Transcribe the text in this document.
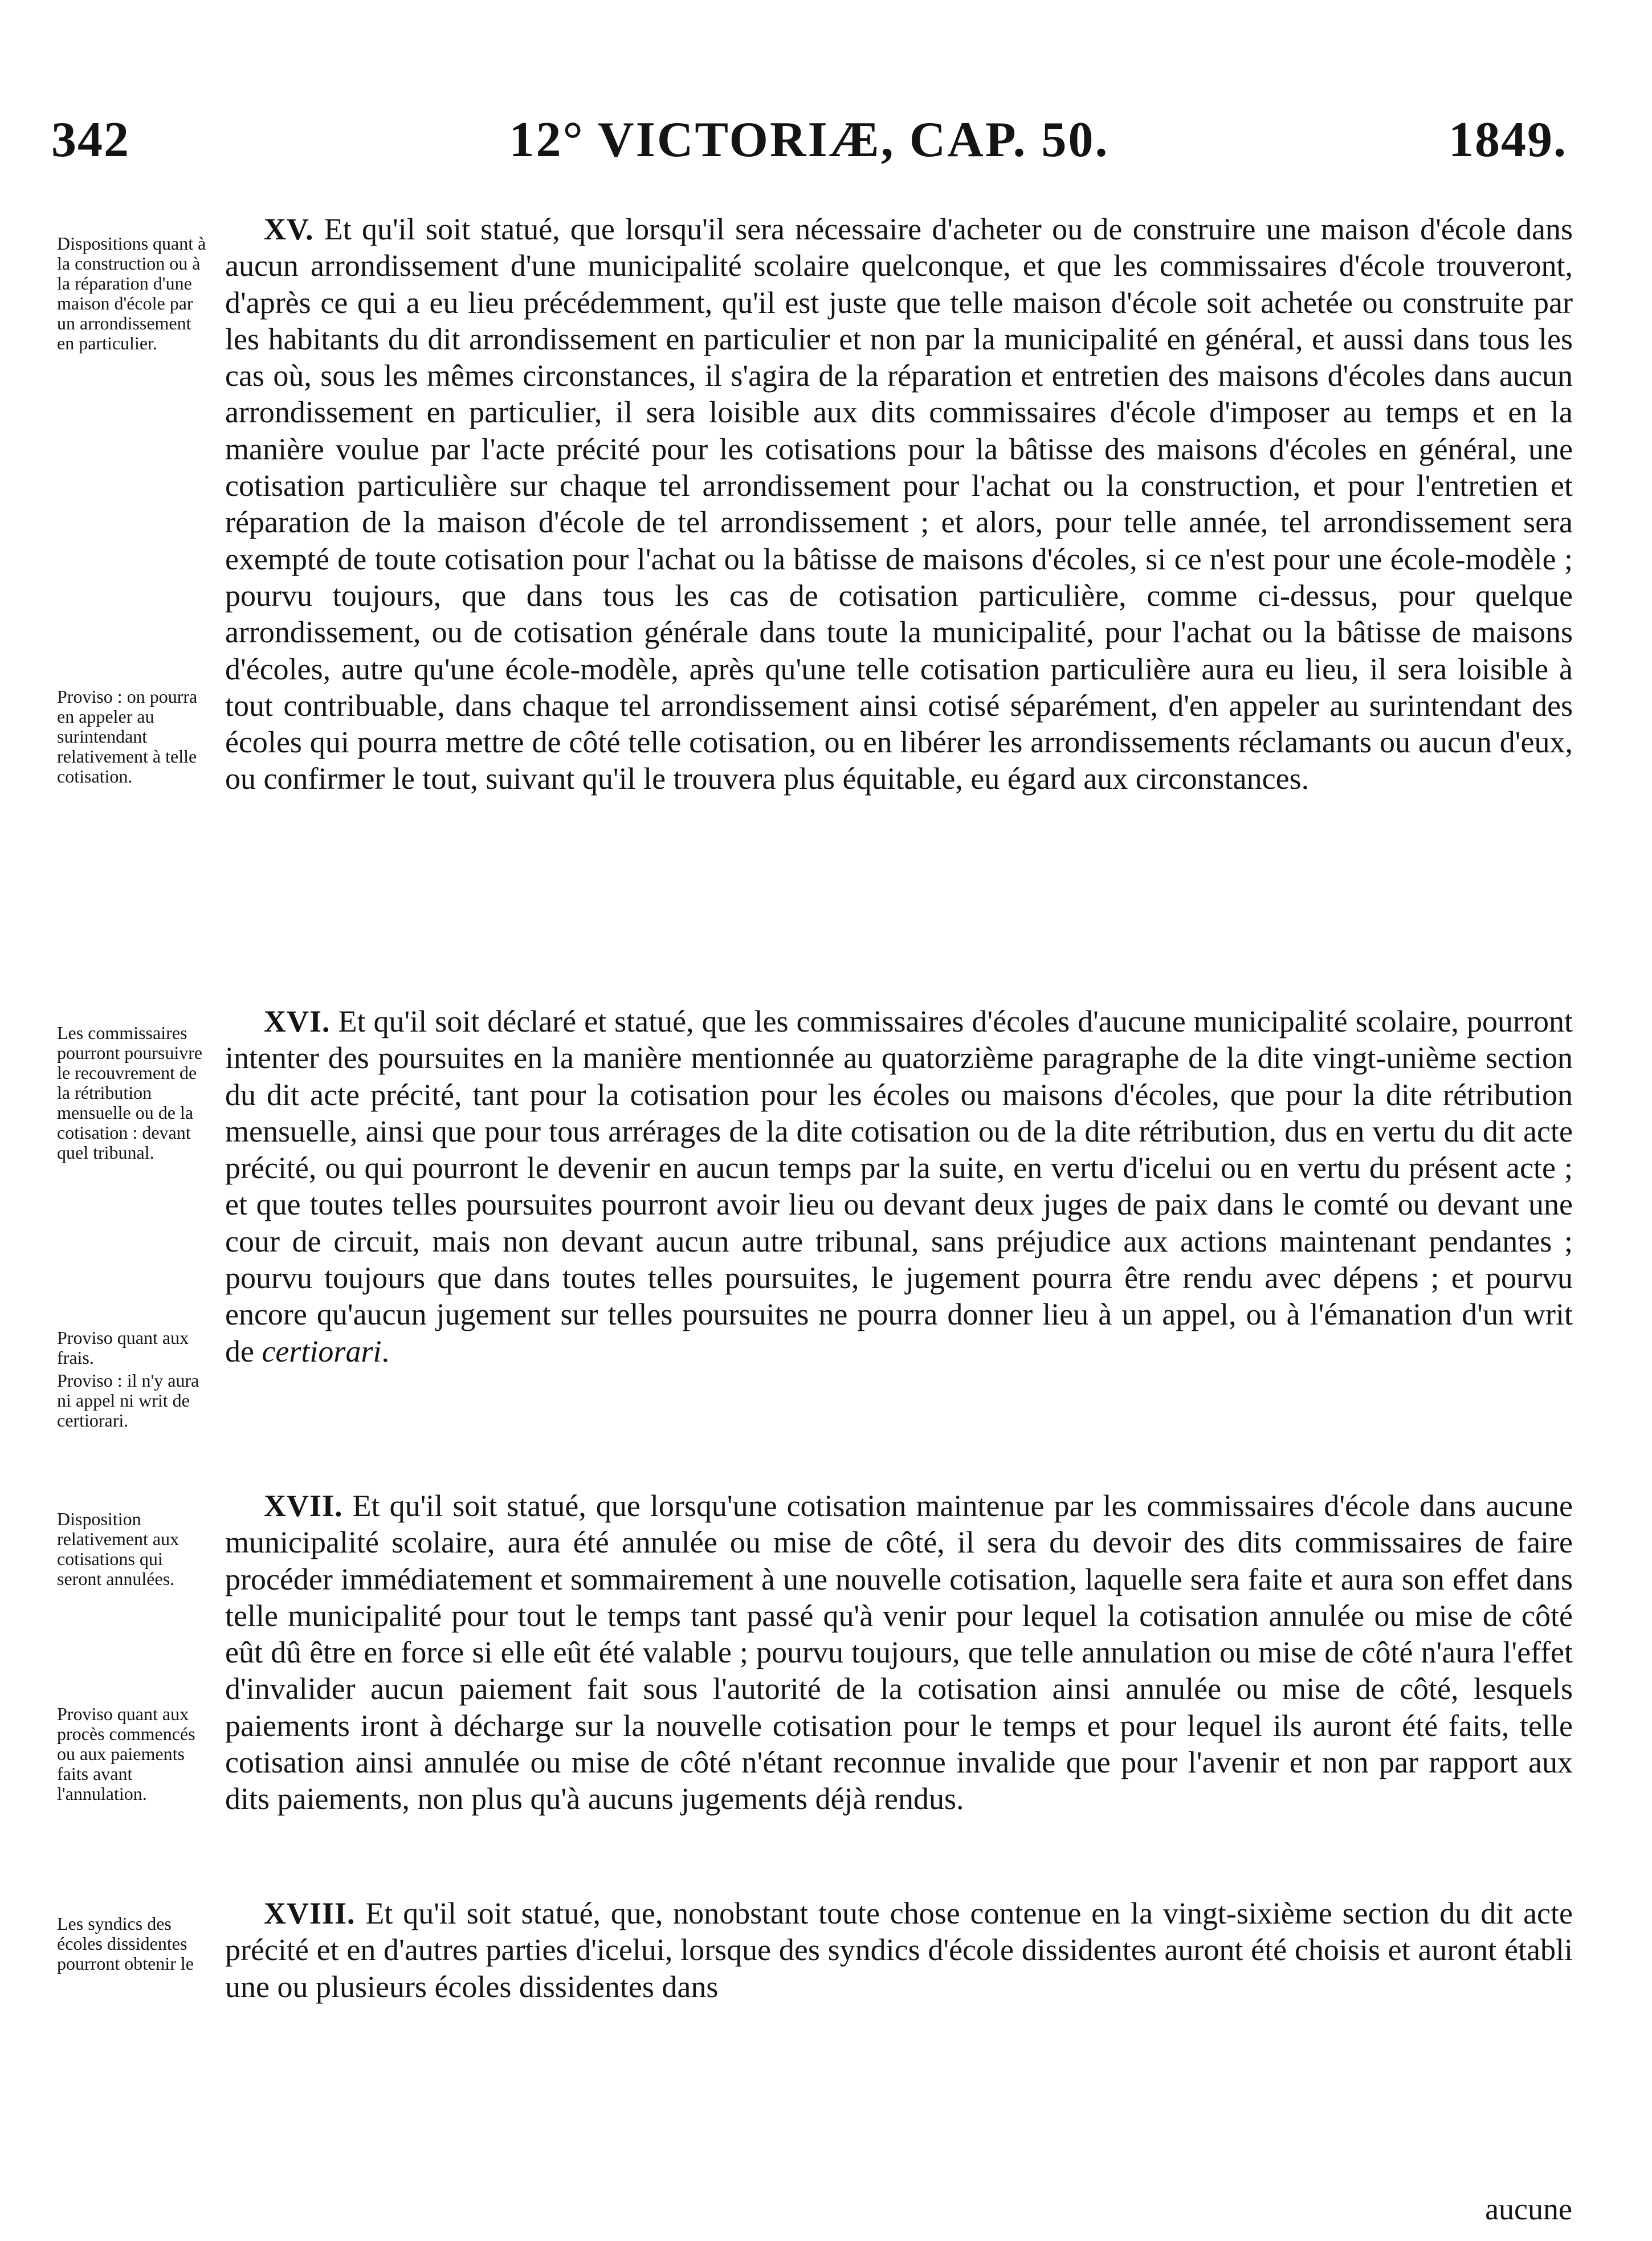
342	12° VICTORIÆ, CAP. 50.	1849.
Dispositions quant à la construction ou à la réparation d'une maison d'école par un arrondissement en particulier.
Proviso : on pourra en appeler au surintendant relativement à telle cotisation.
Les commissaires pourront poursuivre le recouvrement de la rétribution mensuelle ou de la cotisation : devant quel tribunal.
Proviso quant aux frais.
Proviso : il n'y aura ni appel ni writ de certiorari.
Disposition relativement aux cotisations qui seront annulées.
Proviso quant aux procès commencés ou aux paiements faits avant l'annulation.
Les syndics des écoles dissidentes pourront obtenir le
XV. Et qu'il soit statué, que lorsqu'il sera nécessaire d'acheter ou de construire une maison d'école dans aucun arrondissement d'une municipalité scolaire quelconque, et que les commissaires d'école trouveront, d'après ce qui a eu lieu précédemment, qu'il est juste que telle maison d'école soit achetée ou construite par les habitants du dit arrondissement en particulier et non par la municipalité en général, et aussi dans tous les cas où, sous les mêmes circonstances, il s'agira de la réparation et entretien des maisons d'écoles dans aucun arrondissement en particulier, il sera loisible aux dits commissaires d'école d'imposer au temps et en la manière voulue par l'acte précité pour les cotisations pour la bâtisse des maisons d'écoles en général, une cotisation particulière sur chaque tel arrondissement pour l'achat ou la construction, et pour l'entretien et réparation de la maison d'école de tel arrondissement ; et alors, pour telle année, tel arrondissement sera exempté de toute cotisation pour l'achat ou la bâtisse de maisons d'écoles, si ce n'est pour une école-modèle ; pourvu toujours, que dans tous les cas de cotisation particulière, comme ci-dessus, pour quelque arrondissement, ou de cotisation générale dans toute la municipalité, pour l'achat ou la bâtisse de maisons d'écoles, autre qu'une école-modèle, après qu'une telle cotisation particulière aura eu lieu, il sera loisible à tout contribuable, dans chaque tel arrondissement ainsi cotisé séparément, d'en appeler au surintendant des écoles qui pourra mettre de côté telle cotisation, ou en libérer les arrondissements réclamants ou aucun d'eux, ou confirmer le tout, suivant qu'il le trouvera plus équitable, eu égard aux circonstances.
XVI. Et qu'il soit déclaré et statué, que les commissaires d'écoles d'aucune municipalité scolaire, pourront intenter des poursuites en la manière mentionnée au quatorzième paragraphe de la dite vingt-unième section du dit acte précité, tant pour la cotisation pour les écoles ou maisons d'écoles, que pour la dite rétribution mensuelle, ainsi que pour tous arrérages de la dite cotisation ou de la dite rétribution, dus en vertu du dit acte précité, ou qui pourront le devenir en aucun temps par la suite, en vertu d'icelui ou en vertu du présent acte ; et que toutes telles poursuites pourront avoir lieu ou devant deux juges de paix dans le comté ou devant une cour de circuit, mais non devant aucun autre tribunal, sans préjudice aux actions maintenant pendantes ; pourvu toujours que dans toutes telles poursuites, le jugement pourra être rendu avec dépens ; et pourvu encore qu'aucun jugement sur telles poursuites ne pourra donner lieu à un appel, ou à l'émanation d'un writ de certiorari.
XVII. Et qu'il soit statué, que lorsqu'une cotisation maintenue par les commissaires d'école dans aucune municipalité scolaire, aura été annulée ou mise de côté, il sera du devoir des dits commissaires de faire procéder immédiatement et sommairement à une nouvelle cotisation, laquelle sera faite et aura son effet dans telle municipalité pour tout le temps tant passé qu'à venir pour lequel la cotisation annulée ou mise de côté eût dû être en force si elle eût été valable ; pourvu toujours, que telle annulation ou mise de côté n'aura l'effet d'invalider aucun paiement fait sous l'autorité de la cotisation ainsi annulée ou mise de côté, lesquels paiements iront à décharge sur la nouvelle cotisation pour le temps et pour lequel ils auront été faits, telle cotisation ainsi annulée ou mise de côté n'étant reconnue invalide que pour l'avenir et non par rapport aux dits paiements, non plus qu'à aucuns jugements déjà rendus.
XVIII. Et qu'il soit statué, que, nonobstant toute chose contenue en la vingt-sixième section du dit acte précité et en d'autres parties d'icelui, lorsque des syndics d'école dissidentes auront été choisis et auront établi une ou plusieurs écoles dissidentes dans
aucune
